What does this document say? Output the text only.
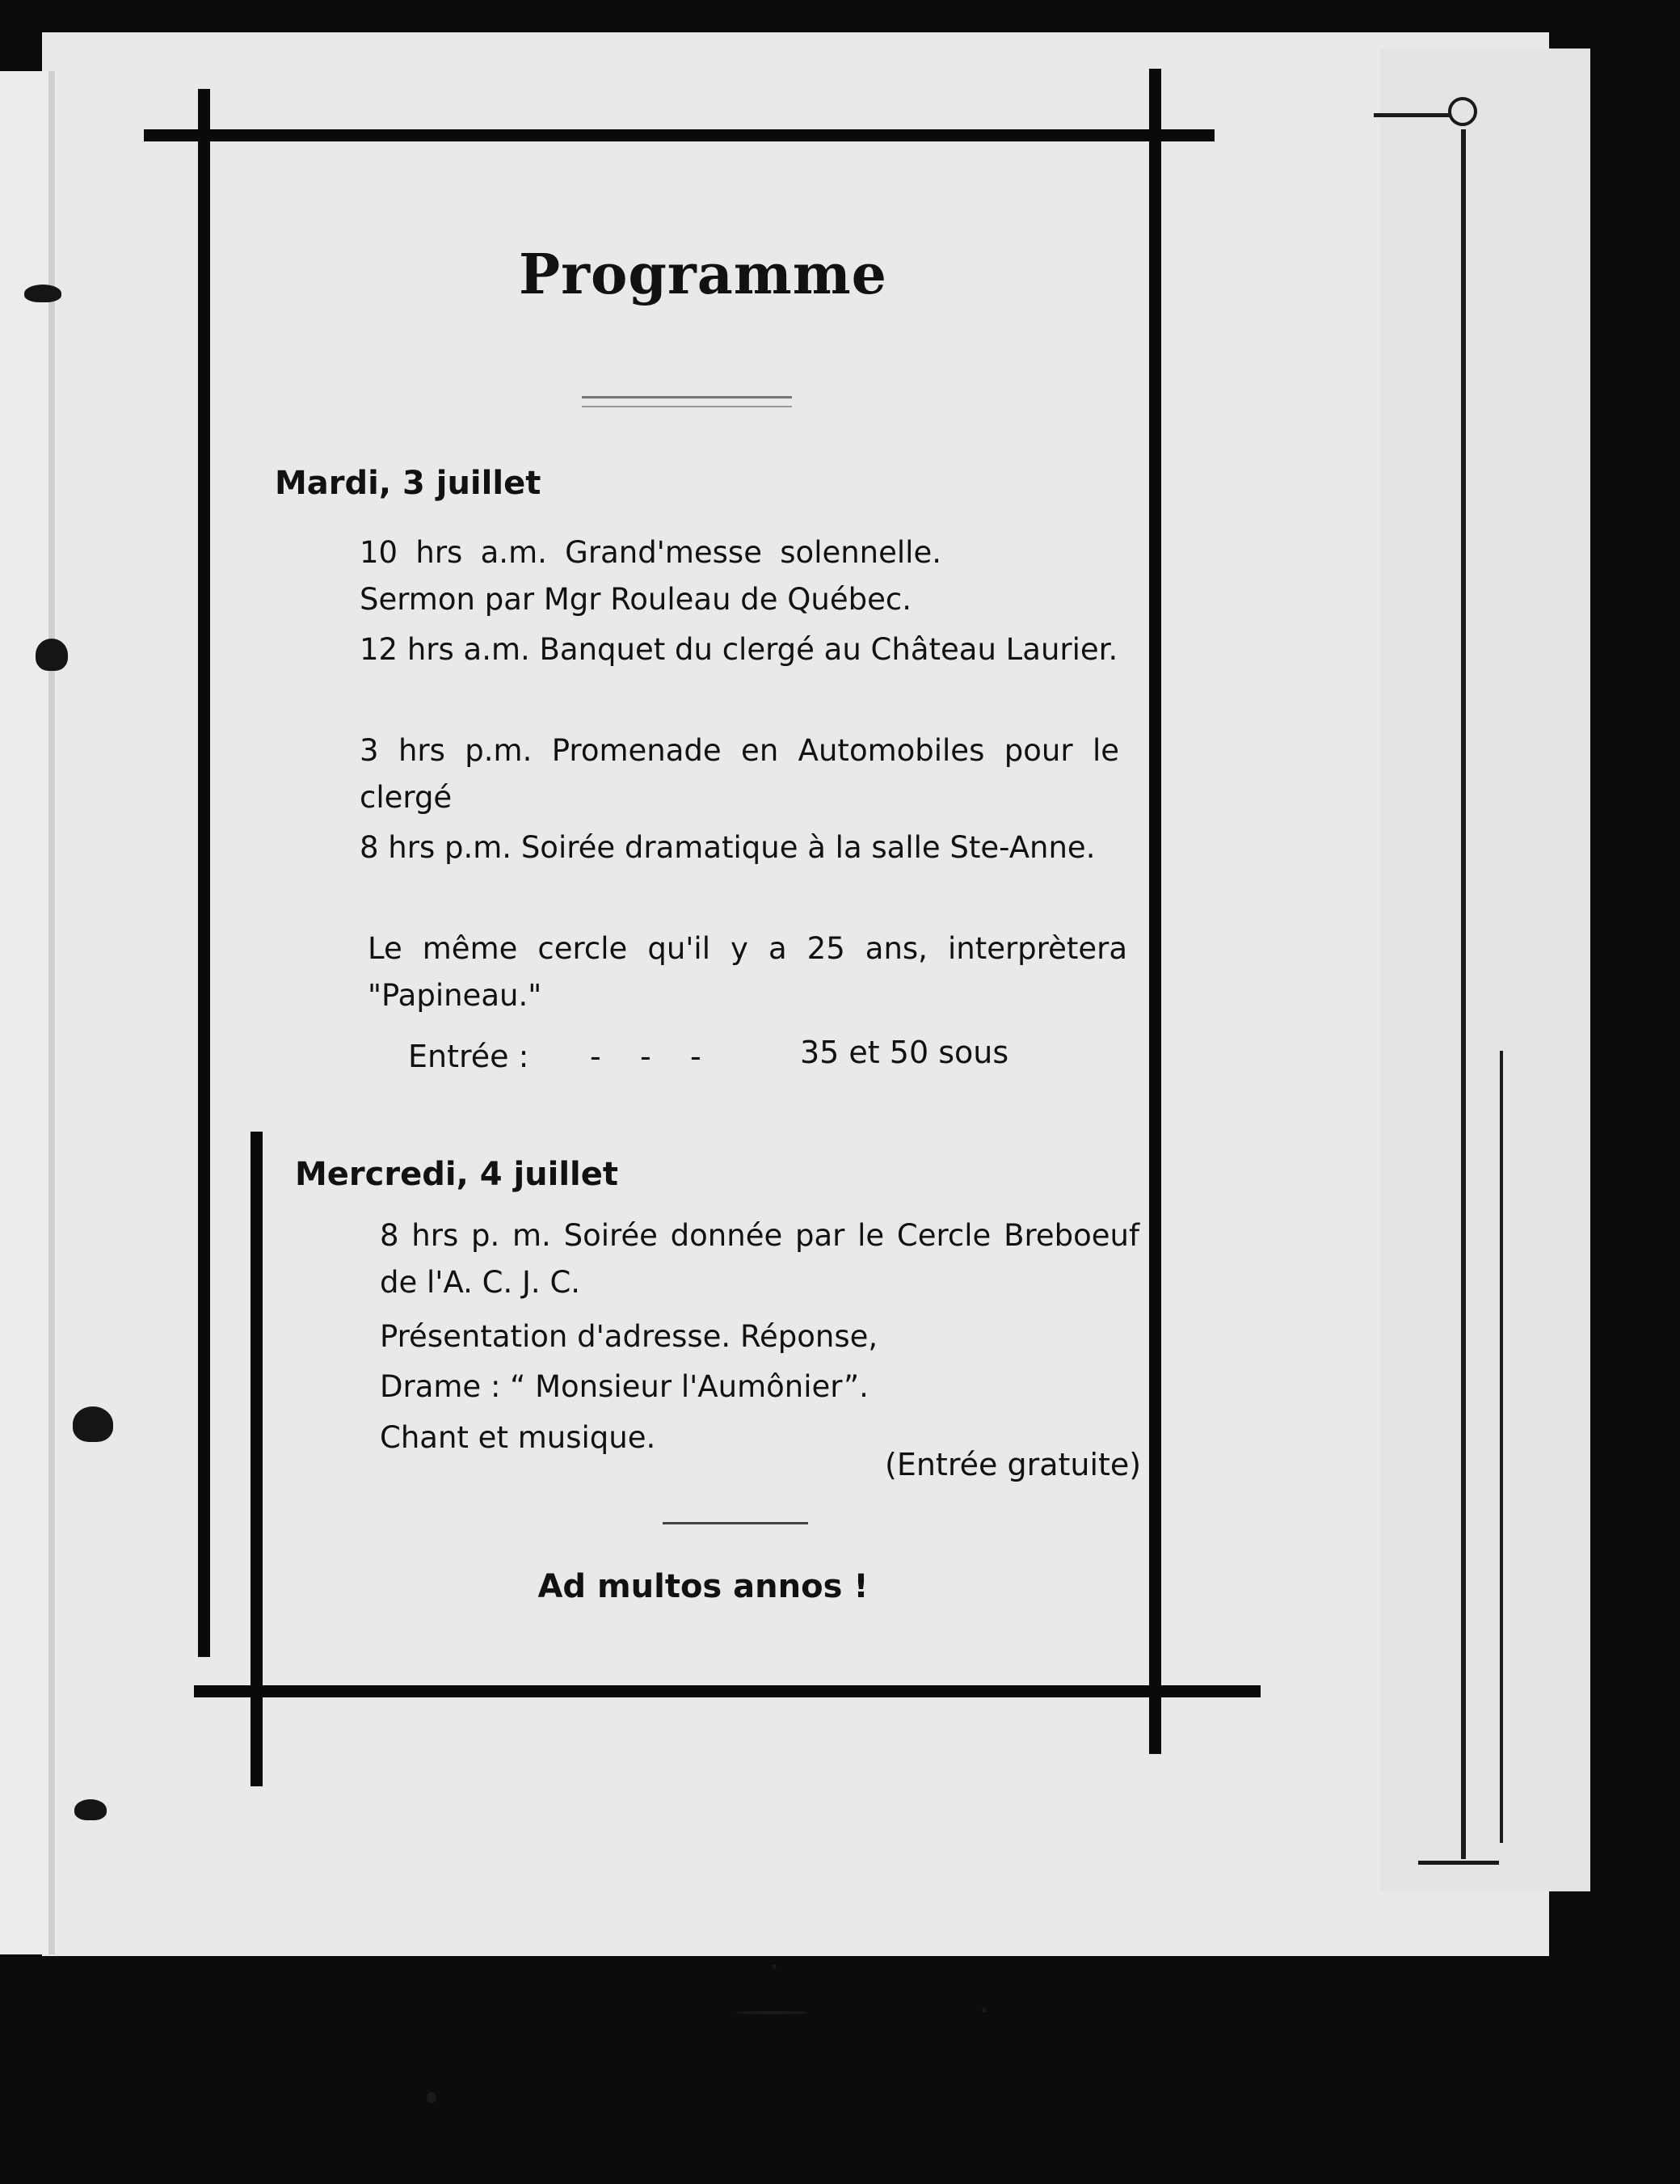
Programme
Mardi, 3 juillet
10 hrs a.m. Grand'messe solennelle. Sermon par Mgr Rouleau de Québec.
12 hrs a.m. Banquet du clergé au Château Laurier.
3 hrs p.m. Promenade en Automobiles pour le clergé
8 hrs p.m. Soirée dramatique à la salle Ste-Anne.
Le même cercle qu'il y a 25 ans, interprètera "Papineau."
Entrée : -    -    -	35 et 50 sous
Mercredi, 4 juillet
8 hrs p. m. Soirée donnée par le Cercle Breboeuf de l'A. C. J. C.
Présentation d'adresse. Réponse,
Drame : “ Monsieur l'Aumônier”.
Chant et musique.
(Entrée gratuite)
Ad multos annos !
